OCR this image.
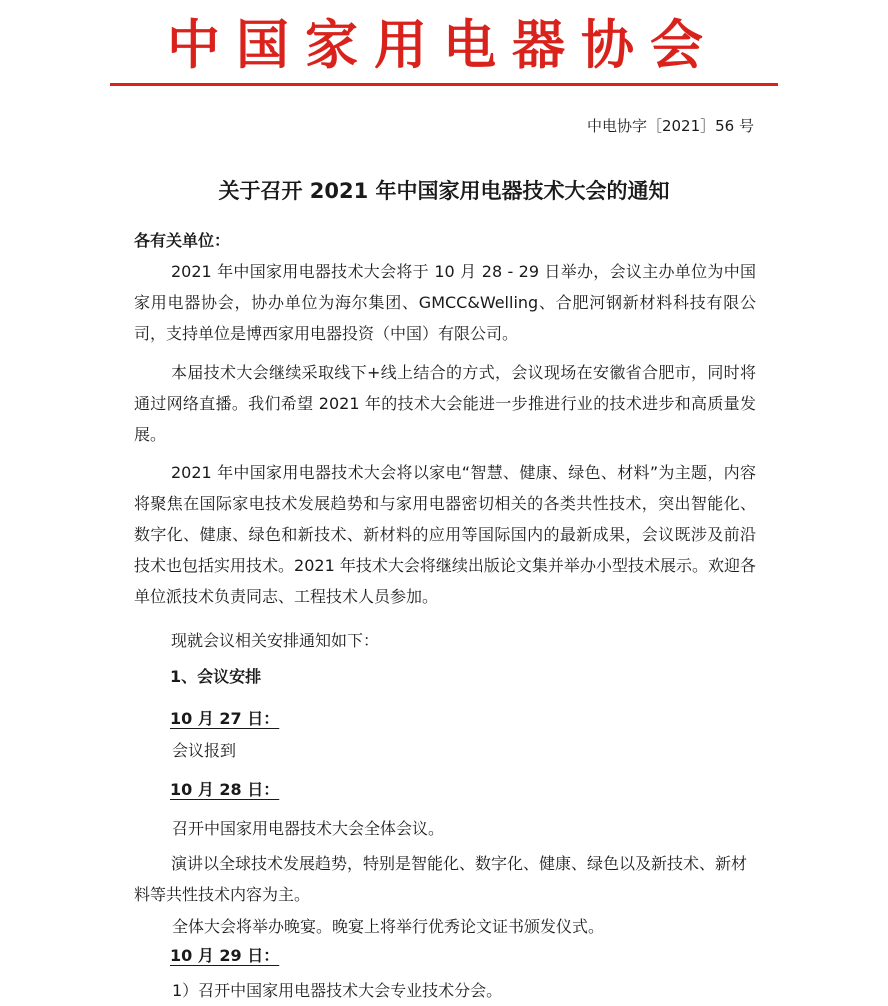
中国家用电器协会
中电协字［2021］56 号
关于召开 2021 年中国家用电器技术大会的通知
各有关单位：
2021 年中国家用电器技术大会将于 10 月 28 - 29 日举办，会议主办单位为中国家用电器协会，协办单位为海尔集团、GMCC&Welling、合肥河钢新材料科技有限公司，支持单位是博西家用电器投资（中国）有限公司。
本届技术大会继续采取线下+线上结合的方式，会议现场在安徽省合肥市，同时将通过网络直播。我们希望 2021 年的技术大会能进一步推进行业的技术进步和高质量发展。
2021 年中国家用电器技术大会将以家电“智慧、健康、绿色、材料”为主题，内容将聚焦在国际家电技术发展趋势和与家用电器密切相关的各类共性技术，突出智能化、数字化、健康、绿色和新技术、新材料的应用等国际国内的最新成果，会议既涉及前沿技术也包括实用技术。2021 年技术大会将继续出版论文集并举办小型技术展示。欢迎各单位派技术负责同志、工程技术人员参加。
现就会议相关安排通知如下：
1、会议安排
10 月 27 日：
会议报到
10 月 28 日：
召开中国家用电器技术大会全体会议。
演讲以全球技术发展趋势，特别是智能化、数字化、健康、绿色以及新技术、新材料等共性技术内容为主。
全体大会将举办晚宴。晚宴上将举行优秀论文证书颁发仪式。
10 月 29 日：
1）召开中国家用电器技术大会专业技术分会。
